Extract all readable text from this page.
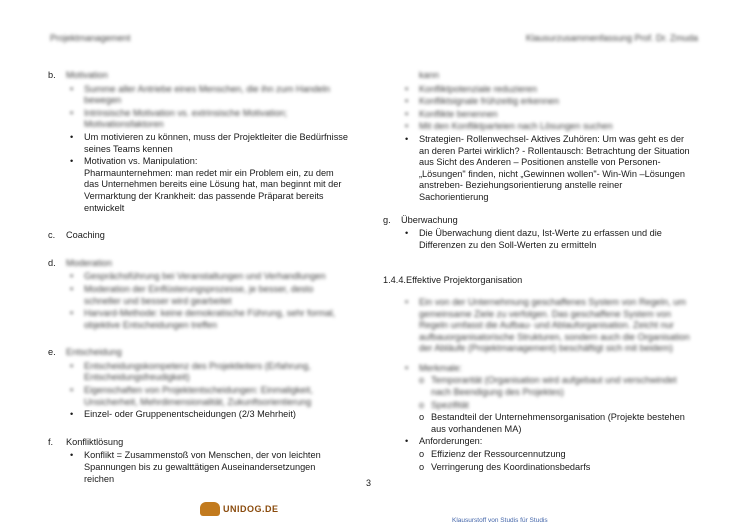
Projektmanagement	Klausurzusammenfassung Prof. Dr. Zmuda
b.	Motivation
• Summe aller Antriebe eines Menschen, die ihn zum Handeln bewegen
• Intrinsische Motivation vs. extrinsische Motivation; Motivationsfaktoren
• Um motivieren zu können, muss der Projektleiter die Bedürfnisse seines Teams kennen
• Motivation vs. Manipulation:
Pharmaunternehmen: man redet mir ein Problem ein, zu dem das Unternehmen bereits eine Lösung hat, man beginnt mit der Vermarktung der Krankheit: das passende Präparat bereits entwickelt
c.	Coaching
d.	Moderation
• Gesprächsführung bei Veranstaltungen und Verhandlungen
• Moderation der Einflüsterungsprozesse, je besser, desto schneller und besser wird gearbeitet
• Harvard-Methode: keine demokratische Führung, sehr formal, objektive Entscheidungen treffen
e.	Entscheidung
• Entscheidungskompetenz des Projektleiters (Erfahrung, Entscheidungsfreudigkeit)
• Eigenschaften von Projektentscheidungen: Einmaligkeit, Unsicherheit, Mehrdimensionalität, Zukunftsorientierung
• Einzel- oder Gruppenentscheidungen (2/3 Mehrheit)
f.	Konfliktlösung
• Konflikt = Zusammenstoß von Menschen, der von leichten Spannungen bis zu gewalttätigen Auseinandersetzungen reichen
kann
• Konfliktpotenziale reduzieren
• Konfliktsignale frühzeitig erkennen
• Konflikte benennen
• Mit den Konfliktparteien nach Lösungen suchen
• Strategien- Rollenwechsel- Aktives Zuhören: Um was geht es der an deren Partei wirklich? - Rollentausch: Betrachtung der Situation aus Sicht des Anderen – Positionen anstelle von Personen- „Lösungen" finden, nicht „Gewinnen wollen"- Win-Win –Lösungen anstreben- Beziehungsorientierung anstelle reiner Sachorientierung
g.	Überwachung
• Die Überwachung dient dazu, Ist-Werte zu erfassen und die Differenzen zu den Soll-Werten zu ermitteln
1.4.4.Effektive Projektorganisation
• Ein von der Unternehmung geschaffenes System von Regeln, um gemeinsame Ziele zu verfolgen. Das geschaffene System von Regeln umfasst die Aufbau- und Ablauforganisation. Zeicht nur aufbauorganisatorische Strukturen, sondern auch die Organisation der Abläufe (Projektmanagement) beschäftigt sich mit beidem)
• Merkmale:
o Temporarität (Organisation wird aufgebaut und verschwindet nach Beendigung des Projektes)
o Spezifität
o Bestandteil der Unternehmensorganisation (Projekte bestehen aus vorhandenen MA)
• Anforderungen:
o Effizienz der Ressourcennutzung
o Verringerung des Koordinationsbedarfs
3
UNIDOG.DE
Klausurstoff von Studis für Studis
